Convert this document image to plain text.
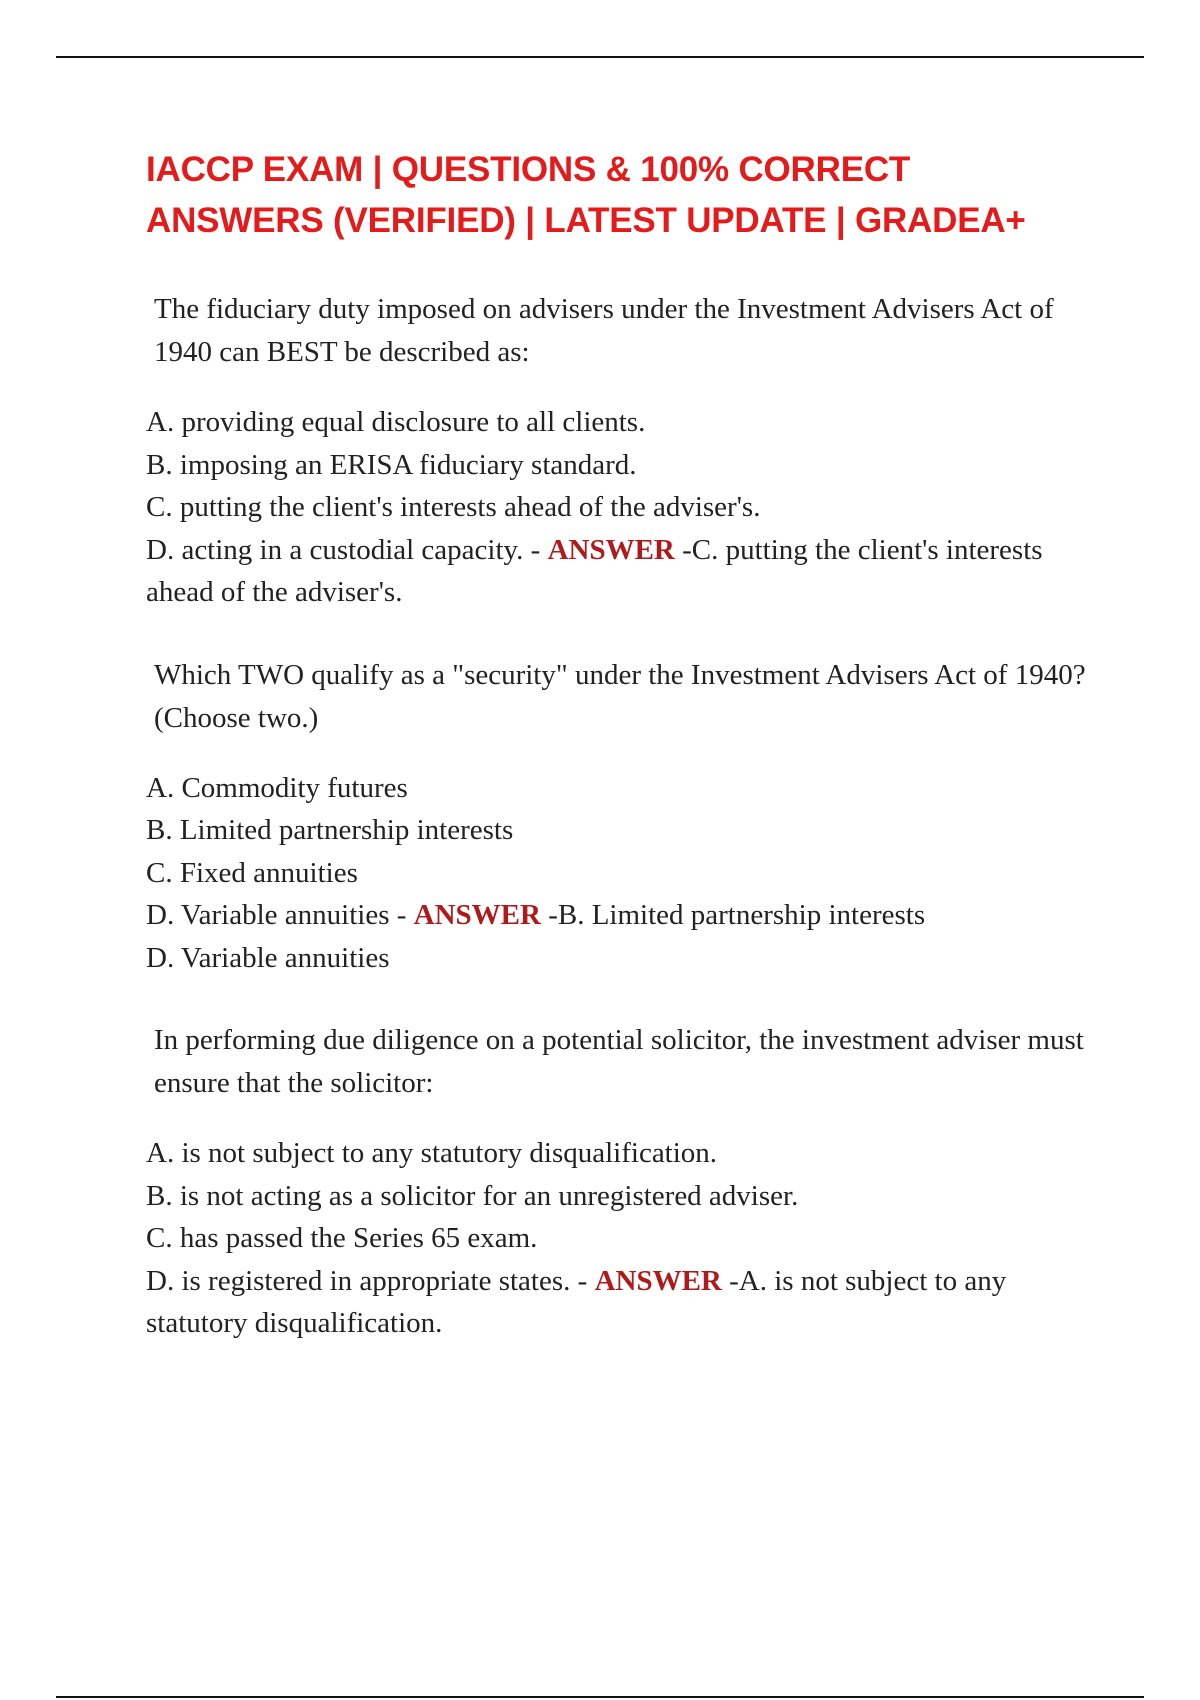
IACCP EXAM | QUESTIONS & 100% CORRECT ANSWERS (VERIFIED) | LATEST UPDATE | GRADEA+

The fiduciary duty imposed on advisers under the Investment Advisers Act of 1940 can BEST be described as:

A. providing equal disclosure to all clients.
B. imposing an ERISA fiduciary standard.
C. putting the client's interests ahead of the adviser's.
D. acting in a custodial capacity. - ANSWER -C. putting the client's interests ahead of the adviser's.

Which TWO qualify as a "security" under the Investment Advisers Act of 1940? (Choose two.)

A. Commodity futures
B. Limited partnership interests
C. Fixed annuities
D. Variable annuities - ANSWER -B. Limited partnership interests
D. Variable annuities

In performing due diligence on a potential solicitor, the investment adviser must ensure that the solicitor:

A. is not subject to any statutory disqualification.
B. is not acting as a solicitor for an unregistered adviser.
C. has passed the Series 65 exam.
D. is registered in appropriate states. - ANSWER -A. is not subject to any statutory disqualification.
